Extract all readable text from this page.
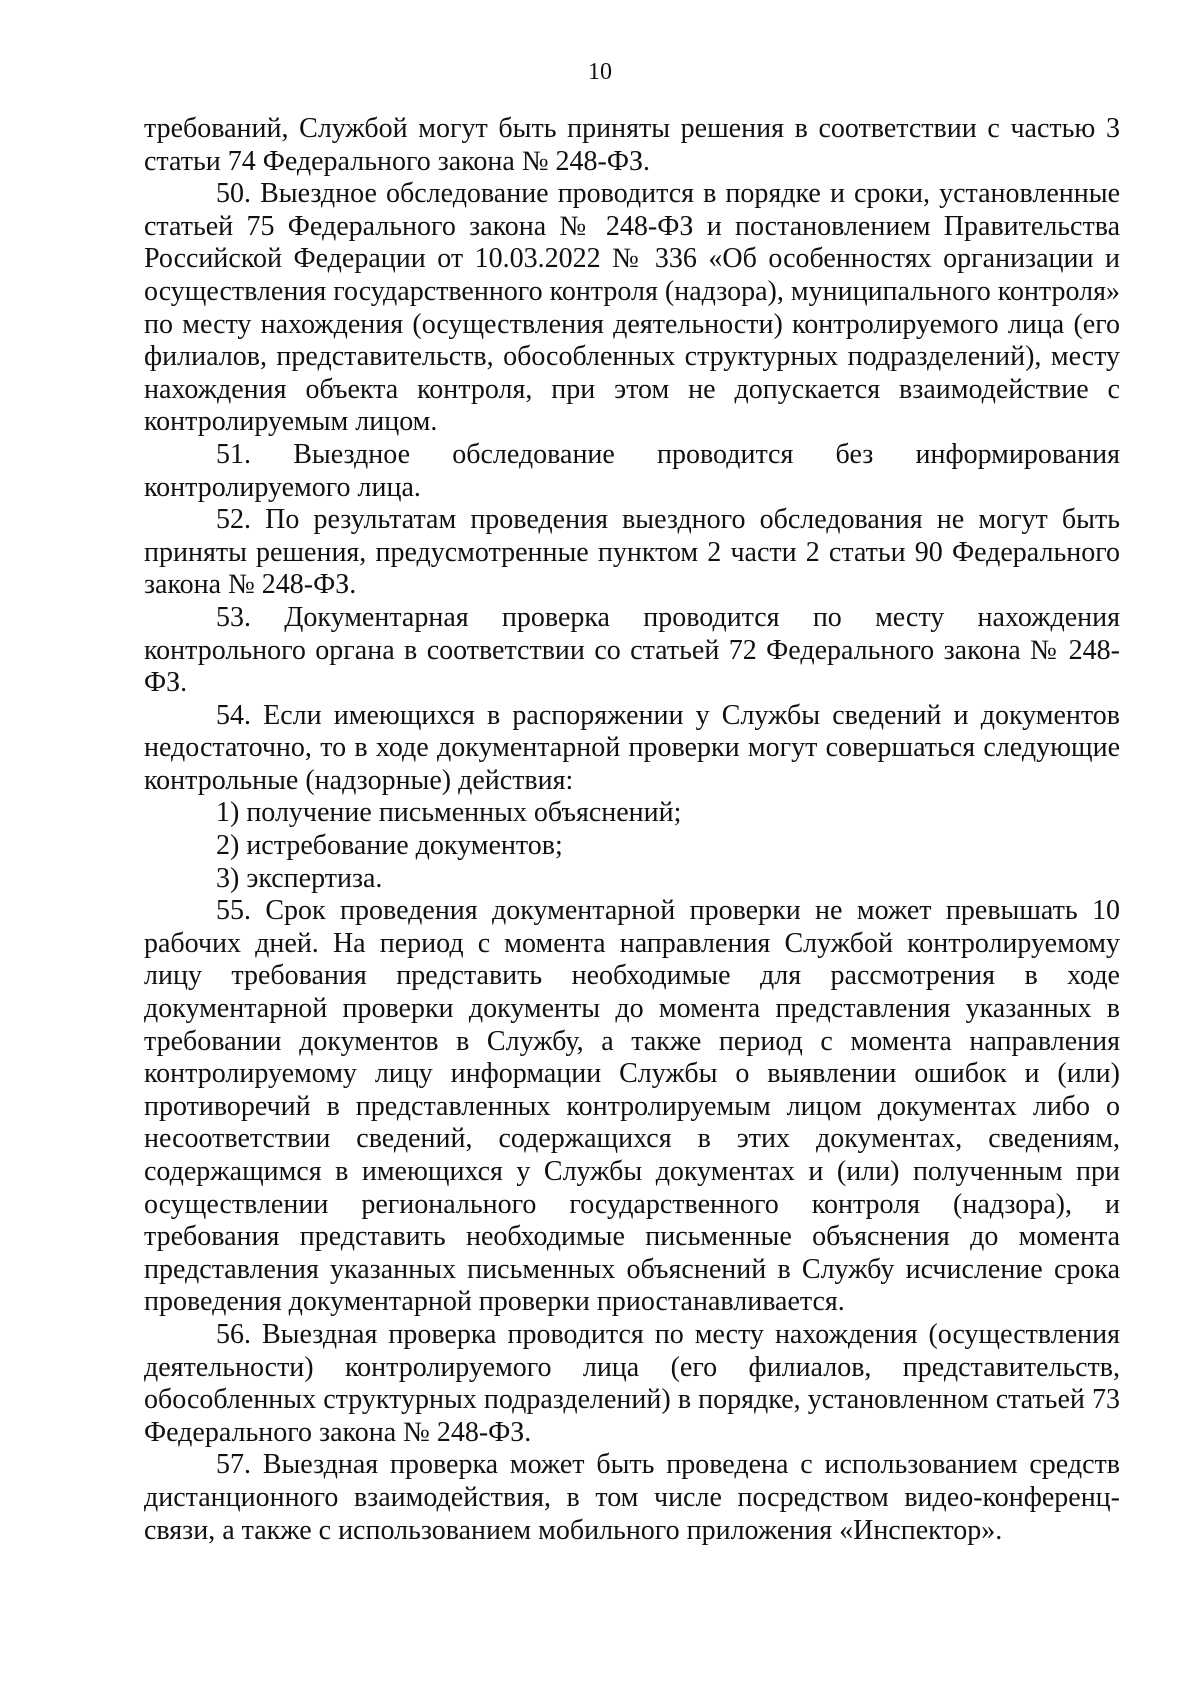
10

требований, Службой могут быть приняты решения в соответствии с частью 3 статьи 74 Федерального закона № 248-ФЗ.

50. Выездное обследование проводится в порядке и сроки, установленные статьей 75 Федерального закона № 248-ФЗ и постановлением Правительства Российской Федерации от 10.03.2022 № 336 «Об особенностях организации и осуществления государственного контроля (надзора), муниципального контроля» по месту нахождения (осуществления деятельности) контролируемого лица (его филиалов, представительств, обособленных структурных подразделений), месту нахождения объекта контроля, при этом не допускается взаимодействие с контролируемым лицом.

51. Выездное обследование проводится без информирования контролируемого лица.

52. По результатам проведения выездного обследования не могут быть приняты решения, предусмотренные пунктом 2 части 2 статьи 90 Федерального закона № 248-ФЗ.

53. Документарная проверка проводится по месту нахождения контрольного органа в соответствии со статьей 72 Федерального закона № 248-ФЗ.

54. Если имеющихся в распоряжении у Службы сведений и документов недостаточно, то в ходе документарной проверки могут совершаться следующие контрольные (надзорные) действия:

1) получение письменных объяснений;

2) истребование документов;

3) экспертиза.

55. Срок проведения документарной проверки не может превышать 10 рабочих дней. На период с момента направления Службой контролируемому лицу требования представить необходимые для рассмотрения в ходе документарной проверки документы до момента представления указанных в требовании документов в Службу, а также период с момента направления контролируемому лицу информации Службы о выявлении ошибок и (или) противоречий в представленных контролируемым лицом документах либо о несоответствии сведений, содержащихся в этих документах, сведениям, содержащимся в имеющихся у Службы документах и (или) полученным при осуществлении регионального государственного контроля (надзора), и требования представить необходимые письменные объяснения до момента представления указанных письменных объяснений в Службу исчисление срока проведения документарной проверки приостанавливается.

56. Выездная проверка проводится по месту нахождения (осуществления деятельности) контролируемого лица (его филиалов, представительств, обособленных структурных подразделений) в порядке, установленном статьей 73 Федерального закона № 248-ФЗ.

57. Выездная проверка может быть проведена с использованием средств дистанционного взаимодействия, в том числе посредством видео-конференц-связи, а также с использованием мобильного приложения «Инспектор».
